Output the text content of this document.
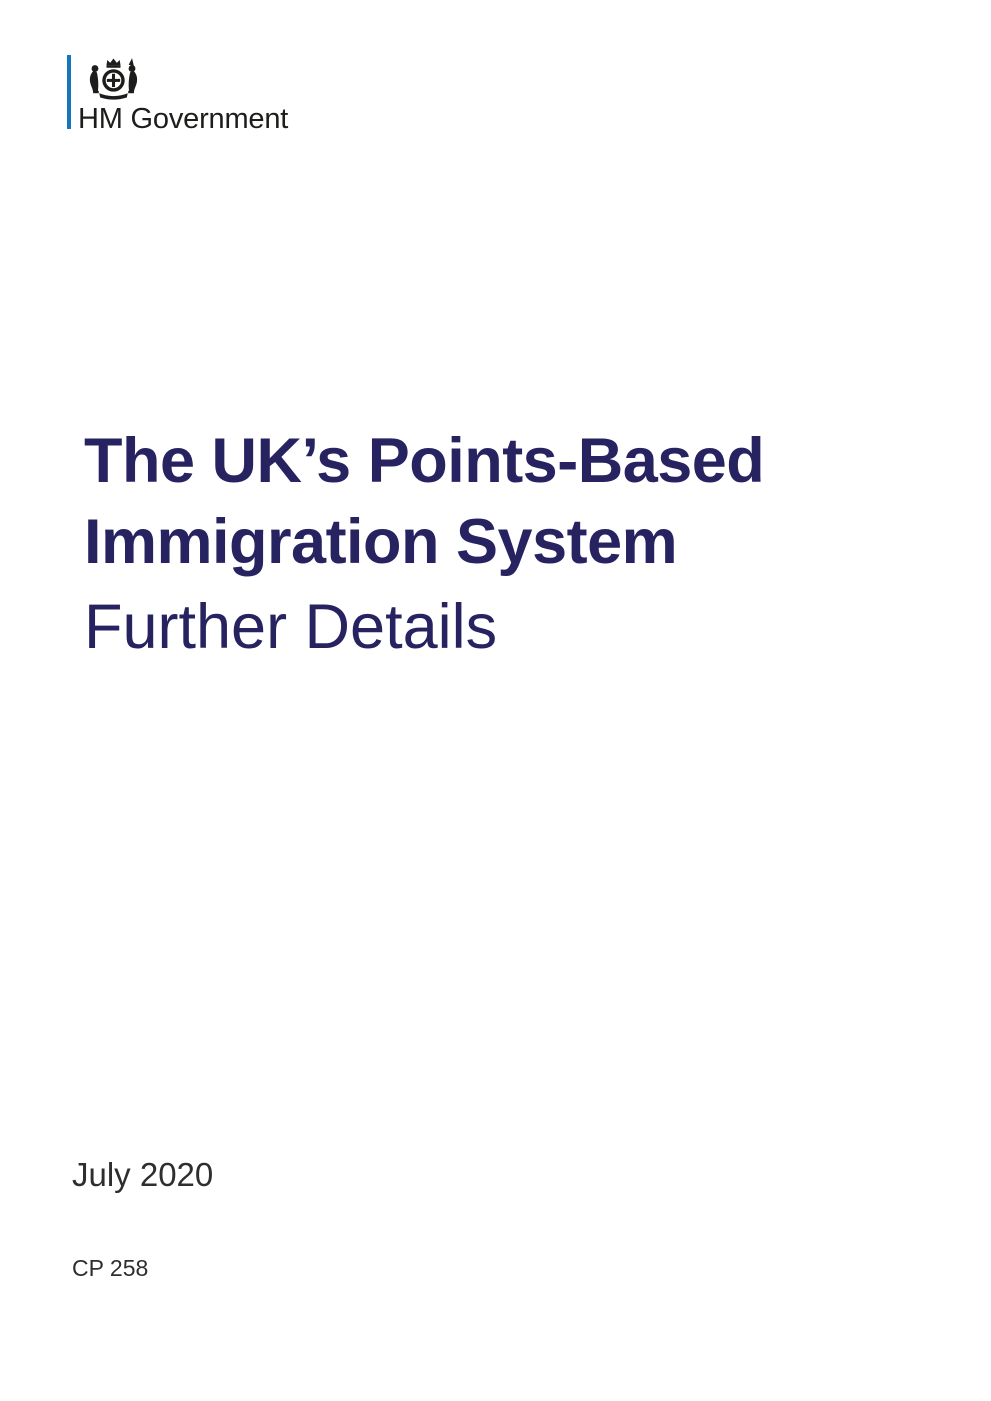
HM Government
The UK’s Points-Based
Immigration System
Further Details
July 2020
CP 258
